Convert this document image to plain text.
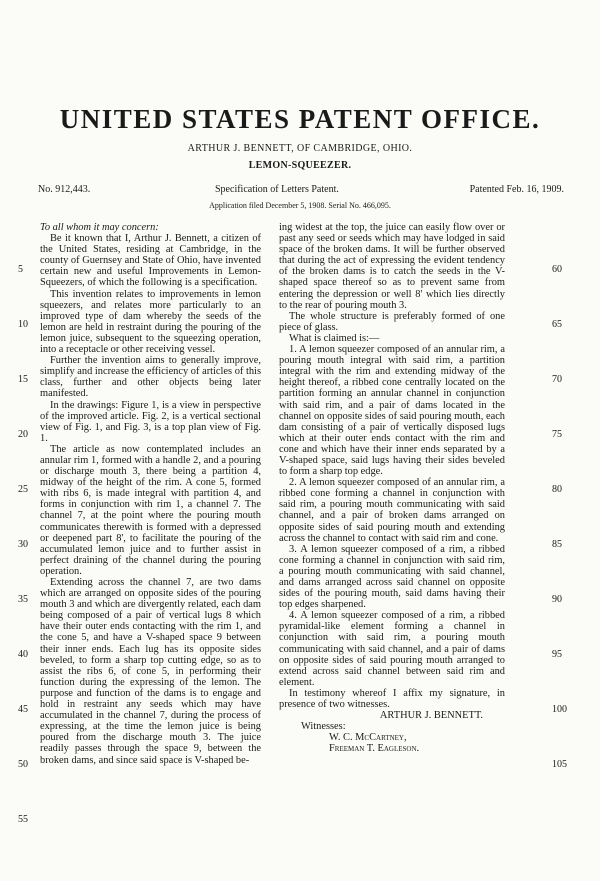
UNITED STATES PATENT OFFICE.
ARTHUR J. BENNETT, OF CAMBRIDGE, OHIO.
LEMON-SQUEEZER.
No. 912,443.	Specification of Letters Patent.	Patented Feb. 16, 1909.
Application filed December 5, 1908. Serial No. 466,095.

To all whom it may concern:

Be it known that I, Arthur J. Bennett, a citizen of the United States, residing at Cambridge, in the county of Guernsey and State of Ohio, have invented certain new and useful Improvements in Lemon-Squeezers, of which the following is a specification.

This invention relates to improvements in lemon squeezers, and relates more particularly to an improved type of dam whereby the seeds of the lemon are held in restraint during the pouring of the lemon juice, subsequent to the squeezing operation, into a receptacle or other receiving vessel.

Further the invention aims to generally improve, simplify and increase the efficiency of articles of this class, further and other objects being later manifested.

In the drawings: Figure 1, is a view in perspective of the improved article. Fig. 2, is a vertical sectional view of Fig. 1, and Fig. 3, is a top plan view of Fig. 1.

The article as now contemplated includes an annular rim 1, formed with a handle 2, and a pouring or discharge mouth 3, there being a partition 4, midway of the height of the rim. A cone 5, formed with ribs 6, is made integral with partition 4, and forms in conjunction with rim 1, a channel 7. The channel 7, at the point where the pouring mouth communicates therewith is formed with a depressed or deepened part 8', to facilitate the pouring of the accumulated lemon juice and to further assist in perfect draining of the channel during the pouring operation.

Extending across the channel 7, are two dams which are arranged on opposite sides of the pouring mouth 3 and which are divergently related, each dam being composed of a pair of vertical lugs 8 which have their outer ends contacting with the rim 1, and the cone 5, and have a V-shaped space 9 between their inner ends. Each lug has its opposite sides beveled, to form a sharp top cutting edge, so as to assist the ribs 6, of cone 5, in performing their function during the expressing of the lemon. The purpose and function of the dams is to engage and hold in restraint any seeds which may have accumulated in the channel 7, during the process of expressing, at the time the lemon juice is being poured from the discharge mouth 3. The juice readily passes through the space 9, between the broken dams, and since said space is V-shaped be-

ing widest at the top, the juice can easily flow over or past any seed or seeds which may have lodged in said space of the broken dams. It will be further observed that during the act of expressing the evident tendency of the broken dams is to catch the seeds in the V-shaped space thereof so as to prevent same from entering the depression or well 8' which lies directly to the rear of pouring mouth 3.

The whole structure is preferably formed of one piece of glass.

What is claimed is:—

1. A lemon squeezer composed of an annular rim, a pouring mouth integral with said rim, a partition integral with the rim and extending midway of the height thereof, a ribbed cone centrally located on the partition forming an annular channel in conjunction with said rim, and a pair of dams located in the channel on opposite sides of said pouring mouth, each dam consisting of a pair of vertically disposed lugs which at their outer ends contact with the rim and cone and which have their inner ends separated by a V-shaped space, said lugs having their sides beveled to form a sharp top edge.

2. A lemon squeezer composed of an annular rim, a ribbed cone forming a channel in conjunction with said rim, a pouring mouth communicating with said channel, and a pair of broken dams arranged on opposite sides of said pouring mouth and extending across the channel to contact with said rim and cone.

3. A lemon squeezer composed of a rim, a ribbed cone forming a channel in conjunction with said rim, a pouring mouth communicating with said channel, and dams arranged across said channel on opposite sides of the pouring mouth, said dams having their top edges sharpened.

4. A lemon squeezer composed of a rim, a ribbed pyramidal-like element forming a channel in conjunction with said rim, a pouring mouth communicating with said channel, and a pair of dams on opposite sides of said pouring mouth arranged to extend across said channel between said rim and element.

In testimony whereof I affix my signature, in presence of two witnesses.

ARTHUR J. BENNETT.

Witnesses:

W. C. McCartney,

Freeman T. Eagleson.

5
10
15
20
25
30
35
40
45
50
55
60
65
70
75
80
85
90
95
100
105
